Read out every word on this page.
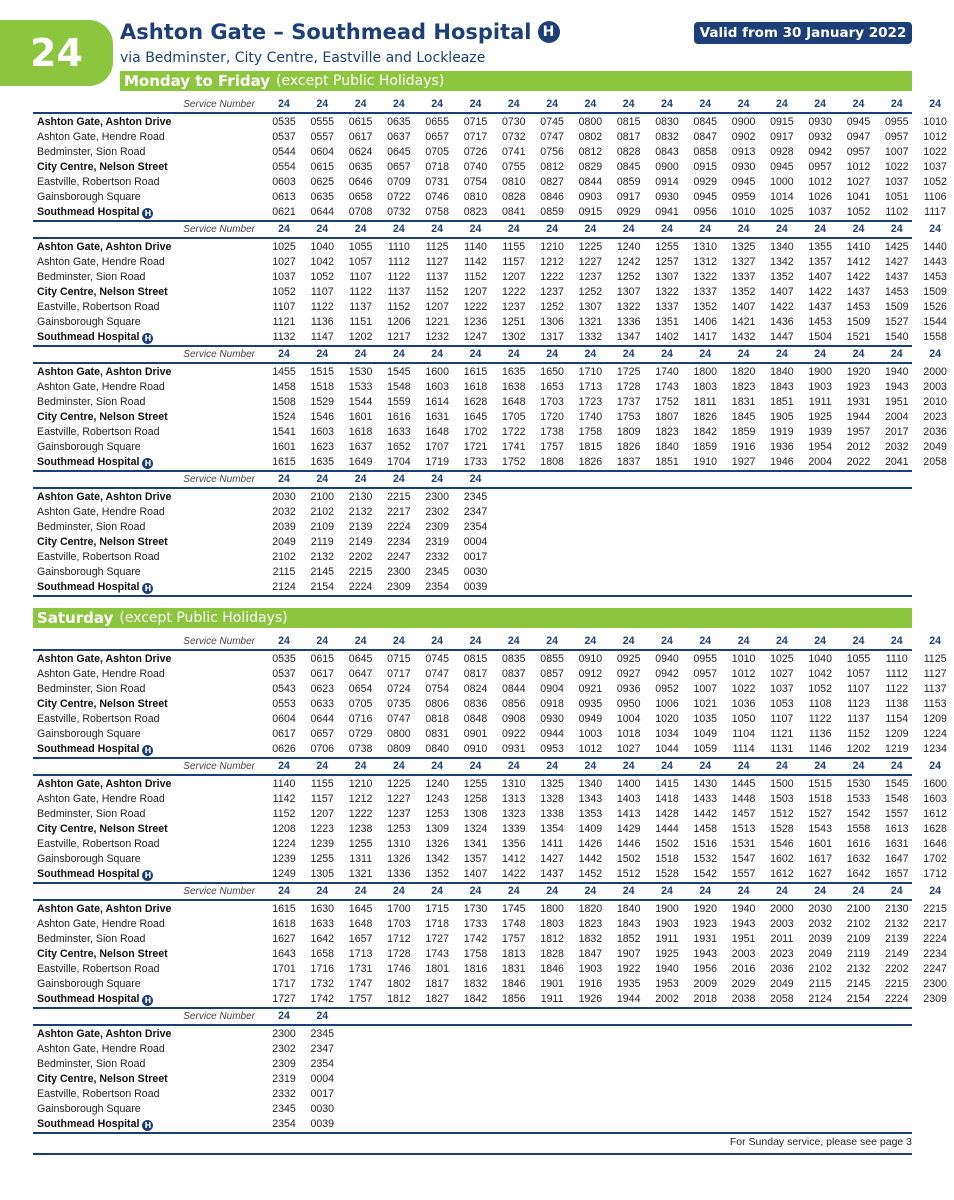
24	Ashton Gate – Southmead Hospital H
via Bedminster, City Centre, Eastville and Lockleaze
Valid from 30 January 2022
Monday to Friday (except Public Holidays)
Service Number	24	24	24	24	24	24	24	24	24	24	24	24	24	24	24	24	24	24
Ashton Gate, Ashton Drive	0535	0555	0615	0635	0655	0715	0730	0745	0800	0815	0830	0845	0900	0915	0930	0945	0955	1010
Ashton Gate, Hendre Road	0537	0557	0617	0637	0657	0717	0732	0747	0802	0817	0832	0847	0902	0917	0932	0947	0957	1012
Bedminster, Sion Road	0544	0604	0624	0645	0705	0726	0741	0756	0812	0828	0843	0858	0913	0928	0942	0957	1007	1022
City Centre, Nelson Street	0554	0615	0635	0657	0718	0740	0755	0812	0829	0845	0900	0915	0930	0945	0957	1012	1022	1037
Eastville, Robertson Road	0603	0625	0646	0709	0731	0754	0810	0827	0844	0859	0914	0929	0945	1000	1012	1027	1037	1052
Gainsborough Square	0613	0635	0658	0722	0746	0810	0828	0846	0903	0917	0930	0945	0959	1014	1026	1041	1051	1106
Southmead Hospital H	0621	0644	0708	0732	0758	0823	0841	0859	0915	0929	0941	0956	1010	1025	1037	1052	1102	1117
Service Number	24	24	24	24	24	24	24	24	24	24	24	24	24	24	24	24	24	24
Ashton Gate, Ashton Drive	1025	1040	1055	1110	1125	1140	1155	1210	1225	1240	1255	1310	1325	1340	1355	1410	1425	1440
Ashton Gate, Hendre Road	1027	1042	1057	1112	1127	1142	1157	1212	1227	1242	1257	1312	1327	1342	1357	1412	1427	1443
Bedminster, Sion Road	1037	1052	1107	1122	1137	1152	1207	1222	1237	1252	1307	1322	1337	1352	1407	1422	1437	1453
City Centre, Nelson Street	1052	1107	1122	1137	1152	1207	1222	1237	1252	1307	1322	1337	1352	1407	1422	1437	1453	1509
Eastville, Robertson Road	1107	1122	1137	1152	1207	1222	1237	1252	1307	1322	1337	1352	1407	1422	1437	1453	1509	1526
Gainsborough Square	1121	1136	1151	1206	1221	1236	1251	1306	1321	1336	1351	1406	1421	1436	1453	1509	1527	1544
Southmead Hospital H	1132	1147	1202	1217	1232	1247	1302	1317	1332	1347	1402	1417	1432	1447	1504	1521	1540	1558
Service Number	24	24	24	24	24	24	24	24	24	24	24	24	24	24	24	24	24	24
Ashton Gate, Ashton Drive	1455	1515	1530	1545	1600	1615	1635	1650	1710	1725	1740	1800	1820	1840	1900	1920	1940	2000
Ashton Gate, Hendre Road	1458	1518	1533	1548	1603	1618	1638	1653	1713	1728	1743	1803	1823	1843	1903	1923	1943	2003
Bedminster, Sion Road	1508	1529	1544	1559	1614	1628	1648	1703	1723	1737	1752	1811	1831	1851	1911	1931	1951	2010
City Centre, Nelson Street	1524	1546	1601	1616	1631	1645	1705	1720	1740	1753	1807	1826	1845	1905	1925	1944	2004	2023
Eastville, Robertson Road	1541	1603	1618	1633	1648	1702	1722	1738	1758	1809	1823	1842	1859	1919	1939	1957	2017	2036
Gainsborough Square	1601	1623	1637	1652	1707	1721	1741	1757	1815	1826	1840	1859	1916	1936	1954	2012	2032	2049
Southmead Hospital H	1615	1635	1649	1704	1719	1733	1752	1808	1826	1837	1851	1910	1927	1946	2004	2022	2041	2058
Service Number	24	24	24	24	24	24
Ashton Gate, Ashton Drive	2030	2100	2130	2215	2300	2345
Ashton Gate, Hendre Road	2032	2102	2132	2217	2302	2347
Bedminster, Sion Road	2039	2109	2139	2224	2309	2354
City Centre, Nelson Street	2049	2119	2149	2234	2319	0004
Eastville, Robertson Road	2102	2132	2202	2247	2332	0017
Gainsborough Square	2115	2145	2215	2300	2345	0030
Southmead Hospital H	2124	2154	2224	2309	2354	0039
Saturday (except Public Holidays)
Service Number	24	24	24	24	24	24	24	24	24	24	24	24	24	24	24	24	24	24
Ashton Gate, Ashton Drive	0535	0615	0645	0715	0745	0815	0835	0855	0910	0925	0940	0955	1010	1025	1040	1055	1110	1125
Ashton Gate, Hendre Road	0537	0617	0647	0717	0747	0817	0837	0857	0912	0927	0942	0957	1012	1027	1042	1057	1112	1127
Bedminster, Sion Road	0543	0623	0654	0724	0754	0824	0844	0904	0921	0936	0952	1007	1022	1037	1052	1107	1122	1137
City Centre, Nelson Street	0553	0633	0705	0735	0806	0836	0856	0918	0935	0950	1006	1021	1036	1053	1108	1123	1138	1153
Eastville, Robertson Road	0604	0644	0716	0747	0818	0848	0908	0930	0949	1004	1020	1035	1050	1107	1122	1137	1154	1209
Gainsborough Square	0617	0657	0729	0800	0831	0901	0922	0944	1003	1018	1034	1049	1104	1121	1136	1152	1209	1224
Southmead Hospital H	0626	0706	0738	0809	0840	0910	0931	0953	1012	1027	1044	1059	1114	1131	1146	1202	1219	1234
Service Number	24	24	24	24	24	24	24	24	24	24	24	24	24	24	24	24	24	24
Ashton Gate, Ashton Drive	1140	1155	1210	1225	1240	1255	1310	1325	1340	1400	1415	1430	1445	1500	1515	1530	1545	1600
Ashton Gate, Hendre Road	1142	1157	1212	1227	1243	1258	1313	1328	1343	1403	1418	1433	1448	1503	1518	1533	1548	1603
Bedminster, Sion Road	1152	1207	1222	1237	1253	1308	1323	1338	1353	1413	1428	1442	1457	1512	1527	1542	1557	1612
City Centre, Nelson Street	1208	1223	1238	1253	1309	1324	1339	1354	1409	1429	1444	1458	1513	1528	1543	1558	1613	1628
Eastville, Robertson Road	1224	1239	1255	1310	1326	1341	1356	1411	1426	1446	1502	1516	1531	1546	1601	1616	1631	1646
Gainsborough Square	1239	1255	1311	1326	1342	1357	1412	1427	1442	1502	1518	1532	1547	1602	1617	1632	1647	1702
Southmead Hospital H	1249	1305	1321	1336	1352	1407	1422	1437	1452	1512	1528	1542	1557	1612	1627	1642	1657	1712
Service Number	24	24	24	24	24	24	24	24	24	24	24	24	24	24	24	24	24	24
Ashton Gate, Ashton Drive	1615	1630	1645	1700	1715	1730	1745	1800	1820	1840	1900	1920	1940	2000	2030	2100	2130	2215
Ashton Gate, Hendre Road	1618	1633	1648	1703	1718	1733	1748	1803	1823	1843	1903	1923	1943	2003	2032	2102	2132	2217
Bedminster, Sion Road	1627	1642	1657	1712	1727	1742	1757	1812	1832	1852	1911	1931	1951	2011	2039	2109	2139	2224
City Centre, Nelson Street	1643	1658	1713	1728	1743	1758	1813	1828	1847	1907	1925	1943	2003	2023	2049	2119	2149	2234
Eastville, Robertson Road	1701	1716	1731	1746	1801	1816	1831	1846	1903	1922	1940	1956	2016	2036	2102	2132	2202	2247
Gainsborough Square	1717	1732	1747	1802	1817	1832	1846	1901	1916	1935	1953	2009	2029	2049	2115	2145	2215	2300
Southmead Hospital H	1727	1742	1757	1812	1827	1842	1856	1911	1926	1944	2002	2018	2038	2058	2124	2154	2224	2309
Service Number	24	24
Ashton Gate, Ashton Drive	2300	2345
Ashton Gate, Hendre Road	2302	2347
Bedminster, Sion Road	2309	2354
City Centre, Nelson Street	2319	0004
Eastville, Robertson Road	2332	0017
Gainsborough Square	2345	0030
Southmead Hospital H	2354	0039
For Sunday service, please see page 3
